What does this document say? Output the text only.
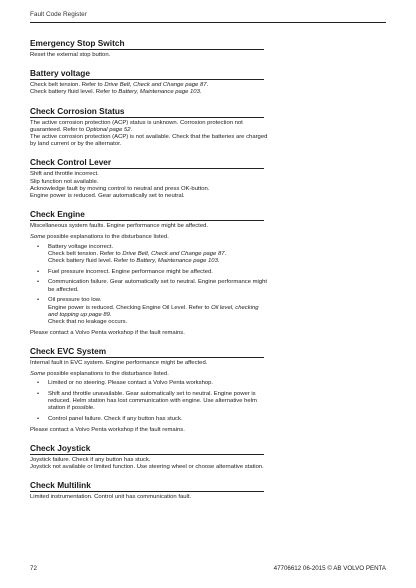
Fault Code Register
Emergency Stop Switch

Reset the external stop button.

Battery voltage

Check belt tension. Refer to Drive Belt, Check and Change page 87.

Check battery fluid level. Refer to Battery, Maintenance page 103.

Check Corrosion Status

The active corrosion protection (ACP) status is unknown. Corrosion protection not guaranteed. Refer to Optional page 52.

The active corrosion protection (ACP) is not available. Check that the batteries are charged by land current or by the alternator.

Check Control Lever

Shift and throttle incorrect.

Slip function not available.

Acknowledge fault by moving control to neutral and press OK-button.

Engine power is reduced. Gear automatically set to neutral.

Check Engine

Miscellaneous system faults. Engine performance might be affected.

Some possible explanations to the disturbance listed.

• Battery voltage incorrect.
Check belt tension. Refer to Drive Belt, Check and Change page 87.
Check battery fluid level. Refer to Battery, Maintenance page 103.
• Fuel pressure incorrect. Engine performance might be affected.
• Communication failure. Gear automatically set to neutral. Engine performance might be affected.
• Oil pressure too low.
Engine power is reduced. Checking Engine Oil Level. Refer to Oil level, checking and topping up page 89.
Check that no leakage occurs.

Please contact a Volvo Penta workshop if the fault remains.

Check EVC System

Internal fault in EVC system. Engine performance might be affected.

Some possible explanations to the disturbance listed.

• Limited or no steering. Please contact a Volvo Penta workshop.
• Shift and throttle unavailable. Gear automatically set to neutral. Engine power is reduced. Helm station has lost communication with engine. Use alternative helm station if possible.
• Control panel failure. Check if any button has stuck.

Please contact a Volvo Penta workshop if the fault remains.

Check Joystick

Joystick failure. Check if any button has stuck.

Joystick not available or limited function. Use steering wheel or choose alternative station.

Check Multilink

Limited instrumentation. Control unit has communication fault.

72	47706612 06-2015 © AB VOLVO PENTA
